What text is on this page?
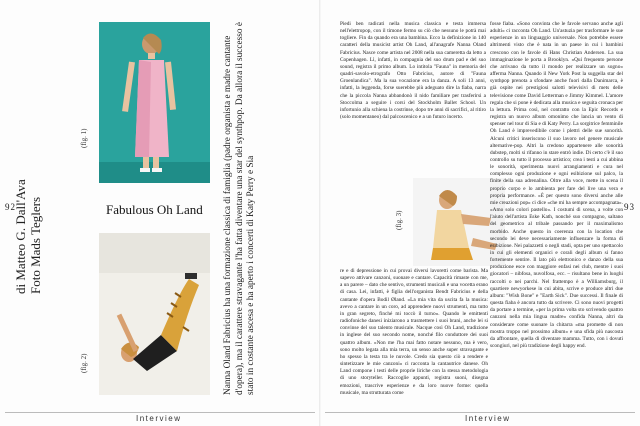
92
di Matteo G. Dall'Ava Foto Mads Teglers
(fig. 1)
Fabulous Oh Land
(fig. 2)	Nanna Oland Fabricius ha una formazione classica di famiglia (padre organista e madre cantante d'opera), ma il carattere stravagante l'ha fatta diventare una star del synthpop. Da allora il successo è stato in costante ascesa e ha aperto i concerti di Katy Perry e Sia
Interview
Piedi ben radicati nella musica classica e testa immersa nell'elettropop, con il timone fermo su ciò che nessuno le potrà mai togliere. Fin da quando era una bambina. Ecco la definizione in 140 caratteri della musicist artist Oh Land, all'anagrafe Nanna Oland Fabricius. Nasce come artista nel 2008 nella sua cameretta da letto a Copenhagen. Lì, infatti, in compagnia del suo drum pad e del suo sound, registra il primo album. Lo intitola "Fauna" in memoria del quadri-savolo-etrografo Otto Fabricius, autore di "Fauna Groenlandica". Ma la sua vocazione era la danza. A soli 13 anni, infatti, la leggenda, forse suerebbe più adeguato dire la fiaba, narra che la piccola Nanna abbandonò il nido familiare per trasferirsi a Stoccolma a seguire i corsi del Stockholm Ballet School. Un infortunio alla schiena la costrinse, dopo tre anni di sacrifici, al ritiro (solo momentaneo) dal palcoscenico e a un futuro incerto.
(fig. 3)
re e di depressione in cui provai diversi lavoretti come barista. Ma sapevo attivare canzoni, suonare e cantare. Capacità rimaste con me, a un parere – dato che sentivo, strumenti musicali e una vocetta erano di casa. Lei, infatti, è figlia dell'organista Bendt Fabricius e della cantante d'opera Bodil Øland. «La mia vita da uscita fa la musica: avevo a cantare in un coro, ad apprendere nuovi strumenti, ma tutto in gran segreto, finché mi toccò il turno». Quando le emittenti radiofoniche danesi iniziarono a trasmettere i suoi brani, anche lei si convinse del suo talento musicale. Nacque così Oh Land, tradizione in inglese del suo secondo nome, nonché filo conduttore dei suoi quattro album. «Non me l'ha mai fatto notare nessuno, ma è vero, sono molto legata alla mia terra, un senso anche super stravagante e ho spesso la testa tra le nuvole. Credo sia questo ciò a rendere e sintetizzare le mie canzoni» ci racconta la cantautrice danese. Oh Land compone i testi delle proprie liriche con la stessa metodologia di uno storyteller. Raccoglie appunti, registra suoni, disegna emozioni, trascrive esperienze e da loro nuove forme: quella musicale, ma strutturata come
fosse fiaba. «Sono convinta che le favole servano anche agli adulti» ci racconta Oh Land. Un'astuzia per trasformare le sue esperienze in un linguaggio universale. Non potrebbe essere altrimenti visto che è nata in un paese in cui i bambini crescono con le favole di Hans Christian Andersen. La sua immaginazione le porta a Brooklyn. «Qui frequento persone che arrivano da tutto il mondo per realizzare un sogno» afferma Nanna. Quando il New York Post la suggella star del synthpop prenota a sfondare anche fuori dalla Danimarca, è già ospite nei prestigiosi salotti televisivi di mets delle televisione come David Letterman e Jimmy Kimmel. L'amore regala che si pone è dedicata alla musica e seguita cronaca per la lettura. Prima così, nel contratto con la Epic Records e registra un nuovo album omonimo che lancia un vento di spenser nel tour di Sia e di Katy Perry. La sorgitrice femminile Oh Land è imprevedibile come i plettri delle sue sonorità. Alcuni critici inseriscono il suo lavoro nel genere musicale alternative-pop. Altri la credono appartenere alle sonorità dubstep, molti si rifanno in stare entrò indie. Di certo c'è il suo controllo su tutto il processo artistico; crea i testi a cui abbina le sonorità, sperimenta nuovi arrangiamenti e cura nel complesso ogni produzione e ogni esibizione sul palco, la finite della sua adrenalina. Oltre alla voce, mette in scena il proprio corpo e lo ambienta per fare del live una vera e propria performance. «È per questo sono diversi anche alle mie creazioni pop» ci dice «che mi ha sempre accompagnata». «Amo solo colori pastello». I costumi di scena, a volte con l'aiuto dell'artista Eske Kath, nonché suo compagno, saltano del geometrico al tribale passando per il maximalismo morbido. Anche questo in coerenza con la location che secondo lei deve necessariamente influenzare la forma di esibizione. Nei palazzetti o negli stadi, opta per uno spettacolo in cui gli elementi organici e corali degli album si fanno fortemente sentire. Il lato più elettronico e danzo della sua produzione esce con maggiore enfasi nei club, mentre i suoi giocatori – nibfosa, nuvolfosa, ecc. – risultano bene in luoghi raccolti o nei parchi. Nel frattempo è a Williamsburg, il quartiere newyorkese in cui abita, scrive e produce altri due album: "Wish Bone" e "Earth Sick". Due successi. Il finale di questa fiaba è ancora tutto da scrivere. Ci sono nuovi progetti da portare a termine, «per la prima volta sto scrivendo quattro canzoni nella mia lingua madre» confida Nanna, altri da considerare come suonare la chitarra «ma promette di non mostra troppo nel prossimo album» e una sfida più nascosta da affrontare, quella di diventare mamma. Tutto, con i dovuti scongiuri, nel più tradizione degli happy end.
93
Interview
